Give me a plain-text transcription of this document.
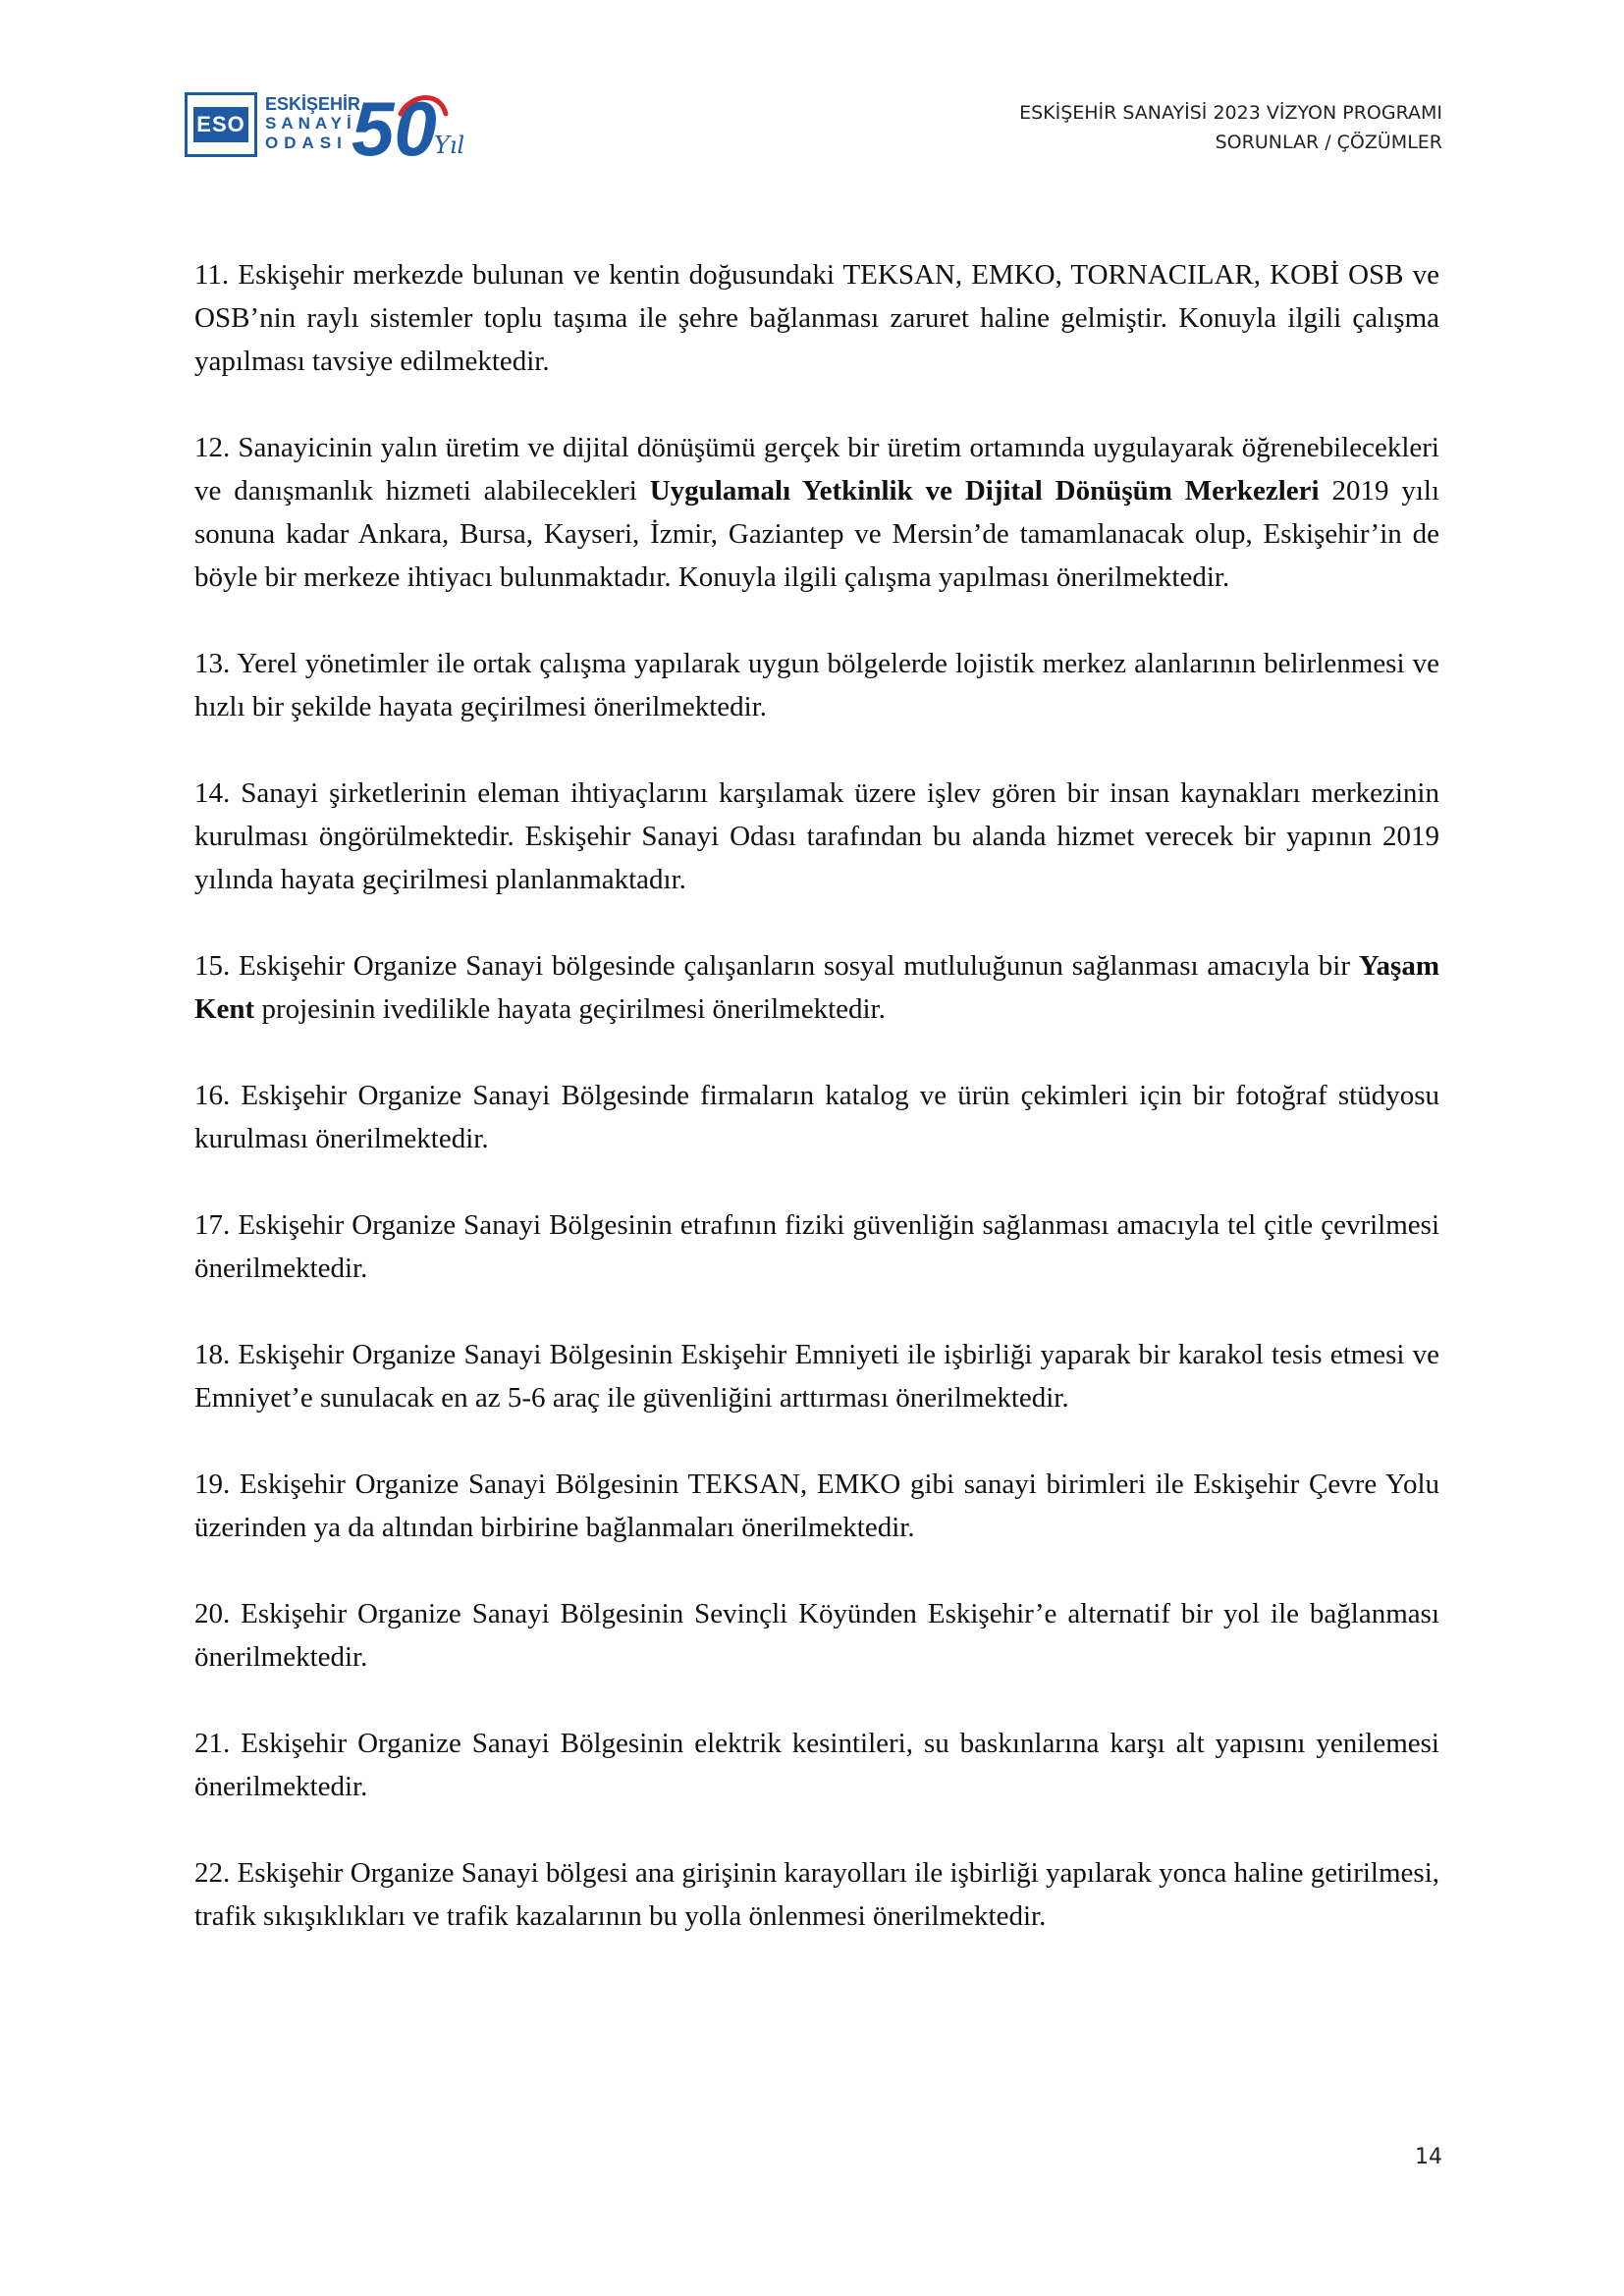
ESO
ESKİŞEHİR
SANAYİ
ODASI 50
Yıl
ESKİŞEHİR SANAYİSİ 2023 VİZYON PROGRAMI
SORUNLAR / ÇÖZÜMLER

11. Eskişehir merkezde bulunan ve kentin doğusundaki TEKSAN, EMKO, TORNACILAR, KOBİ OSB ve OSB’nin raylı sistemler toplu taşıma ile şehre bağlanması zaruret haline gelmiştir. Konuyla ilgili çalışma yapılması tavsiye edilmektedir.

12. Sanayicinin yalın üretim ve dijital dönüşümü gerçek bir üretim ortamında uygulayarak öğrenebilecekleri ve danışmanlık hizmeti alabilecekleri Uygulamalı Yetkinlik ve Dijital Dönüşüm Merkezleri 2019 yılı sonuna kadar Ankara, Bursa, Kayseri, İzmir, Gaziantep ve Mersin’de tamamlanacak olup, Eskişehir’in de böyle bir merkeze ihtiyacı bulunmaktadır. Konuyla ilgili çalışma yapılması önerilmektedir.

13. Yerel yönetimler ile ortak çalışma yapılarak uygun bölgelerde lojistik merkez alanlarının belirlenmesi ve hızlı bir şekilde hayata geçirilmesi önerilmektedir.

14. Sanayi şirketlerinin eleman ihtiyaçlarını karşılamak üzere işlev gören bir insan kaynakları merkezinin kurulması öngörülmektedir. Eskişehir Sanayi Odası tarafından bu alanda hizmet verecek bir yapının 2019 yılında hayata geçirilmesi planlanmaktadır.

15. Eskişehir Organize Sanayi bölgesinde çalışanların sosyal mutluluğunun sağlanması amacıyla bir Yaşam Kent projesinin ivedilikle hayata geçirilmesi önerilmektedir.

16. Eskişehir Organize Sanayi Bölgesinde firmaların katalog ve ürün çekimleri için bir fotoğraf stüdyosu kurulması önerilmektedir.

17. Eskişehir Organize Sanayi Bölgesinin etrafının fiziki güvenliğin sağlanması amacıyla tel çitle çevrilmesi önerilmektedir.

18. Eskişehir Organize Sanayi Bölgesinin Eskişehir Emniyeti ile işbirliği yaparak bir karakol tesis etmesi ve Emniyet’e sunulacak en az 5-6 araç ile güvenliğini arttırması önerilmektedir.

19. Eskişehir Organize Sanayi Bölgesinin TEKSAN, EMKO gibi sanayi birimleri ile Eskişehir Çevre Yolu üzerinden ya da altından birbirine bağlanmaları önerilmektedir.

20. Eskişehir Organize Sanayi Bölgesinin Sevinçli Köyünden Eskişehir’e alternatif bir yol ile bağlanması önerilmektedir.

21. Eskişehir Organize Sanayi Bölgesinin elektrik kesintileri, su baskınlarına karşı alt yapısını yenilemesi önerilmektedir.

22. Eskişehir Organize Sanayi bölgesi ana girişinin karayolları ile işbirliği yapılarak yonca haline getirilmesi, trafik sıkışıklıkları ve trafik kazalarının bu yolla önlenmesi önerilmektedir.

14
